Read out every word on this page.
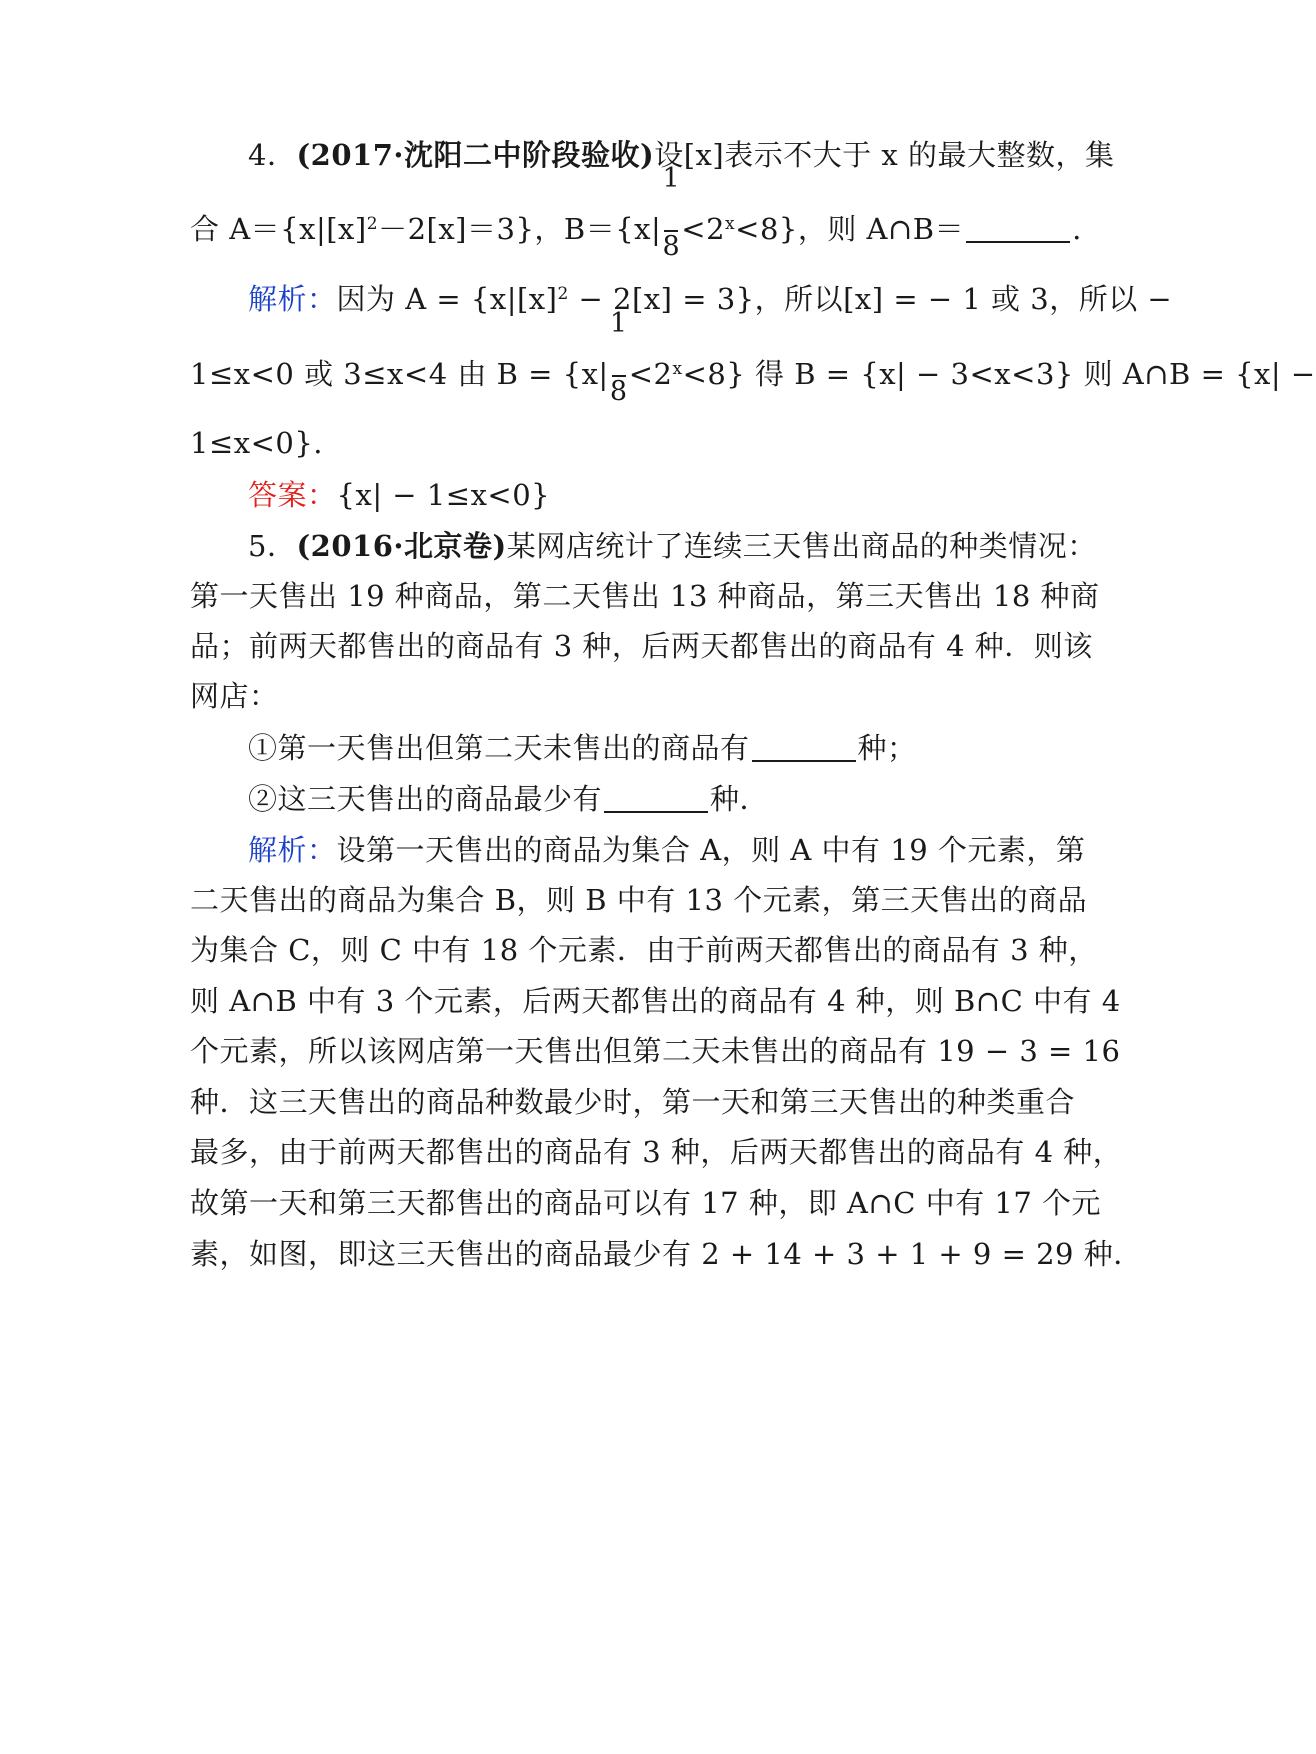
4．(2017·沈阳二中阶段验收)设[x]表示不大于 x 的最大整数，集
合 $A=\{x|[x]^2-2[x]=3\}$，$B=\{x| \frac{1}{8} <2^x<8\}$，则 A∩B＝	.
解析：因为 $A = \{x|[x]^2 - 2[x] = 3\}$，所以[x] = − 1 或 3，所以 −
1≤x<0 或 3≤x<4 由 $B = \{x| \frac{1}{8} <2^x<8\}$ 得 B = {x| − 3<x<3} 则 A∩B = {x| −
1≤x<0}.
答案：{x| − 1≤x<0}
5．(2016·北京卷)某网店统计了连续三天售出商品的种类情况：
第一天售出 19 种商品，第二天售出 13 种商品，第三天售出 18 种商
品；前两天都售出的商品有 3 种，后两天都售出的商品有 4 种．则该
网店：
①第一天售出但第二天未售出的商品有	种；
②这三天售出的商品最少有	种．
解析：设第一天售出的商品为集合 A，则 A 中有 19 个元素，第
二天售出的商品为集合 B，则 B 中有 13 个元素，第三天售出的商品
为集合 C，则 C 中有 18 个元素．由于前两天都售出的商品有 3 种，
则 A∩B 中有 3 个元素，后两天都售出的商品有 4 种，则 B∩C 中有 4
个元素，所以该网店第一天售出但第二天未售出的商品有 19 − 3 = 16
种．这三天售出的商品种数最少时，第一天和第三天售出的种类重合
最多，由于前两天都售出的商品有 3 种，后两天都售出的商品有 4 种，
故第一天和第三天都售出的商品可以有 17 种，即 A∩C 中有 17 个元
素，如图，即这三天售出的商品最少有 2 + 14 + 3 + 1 + 9 = 29 种．
